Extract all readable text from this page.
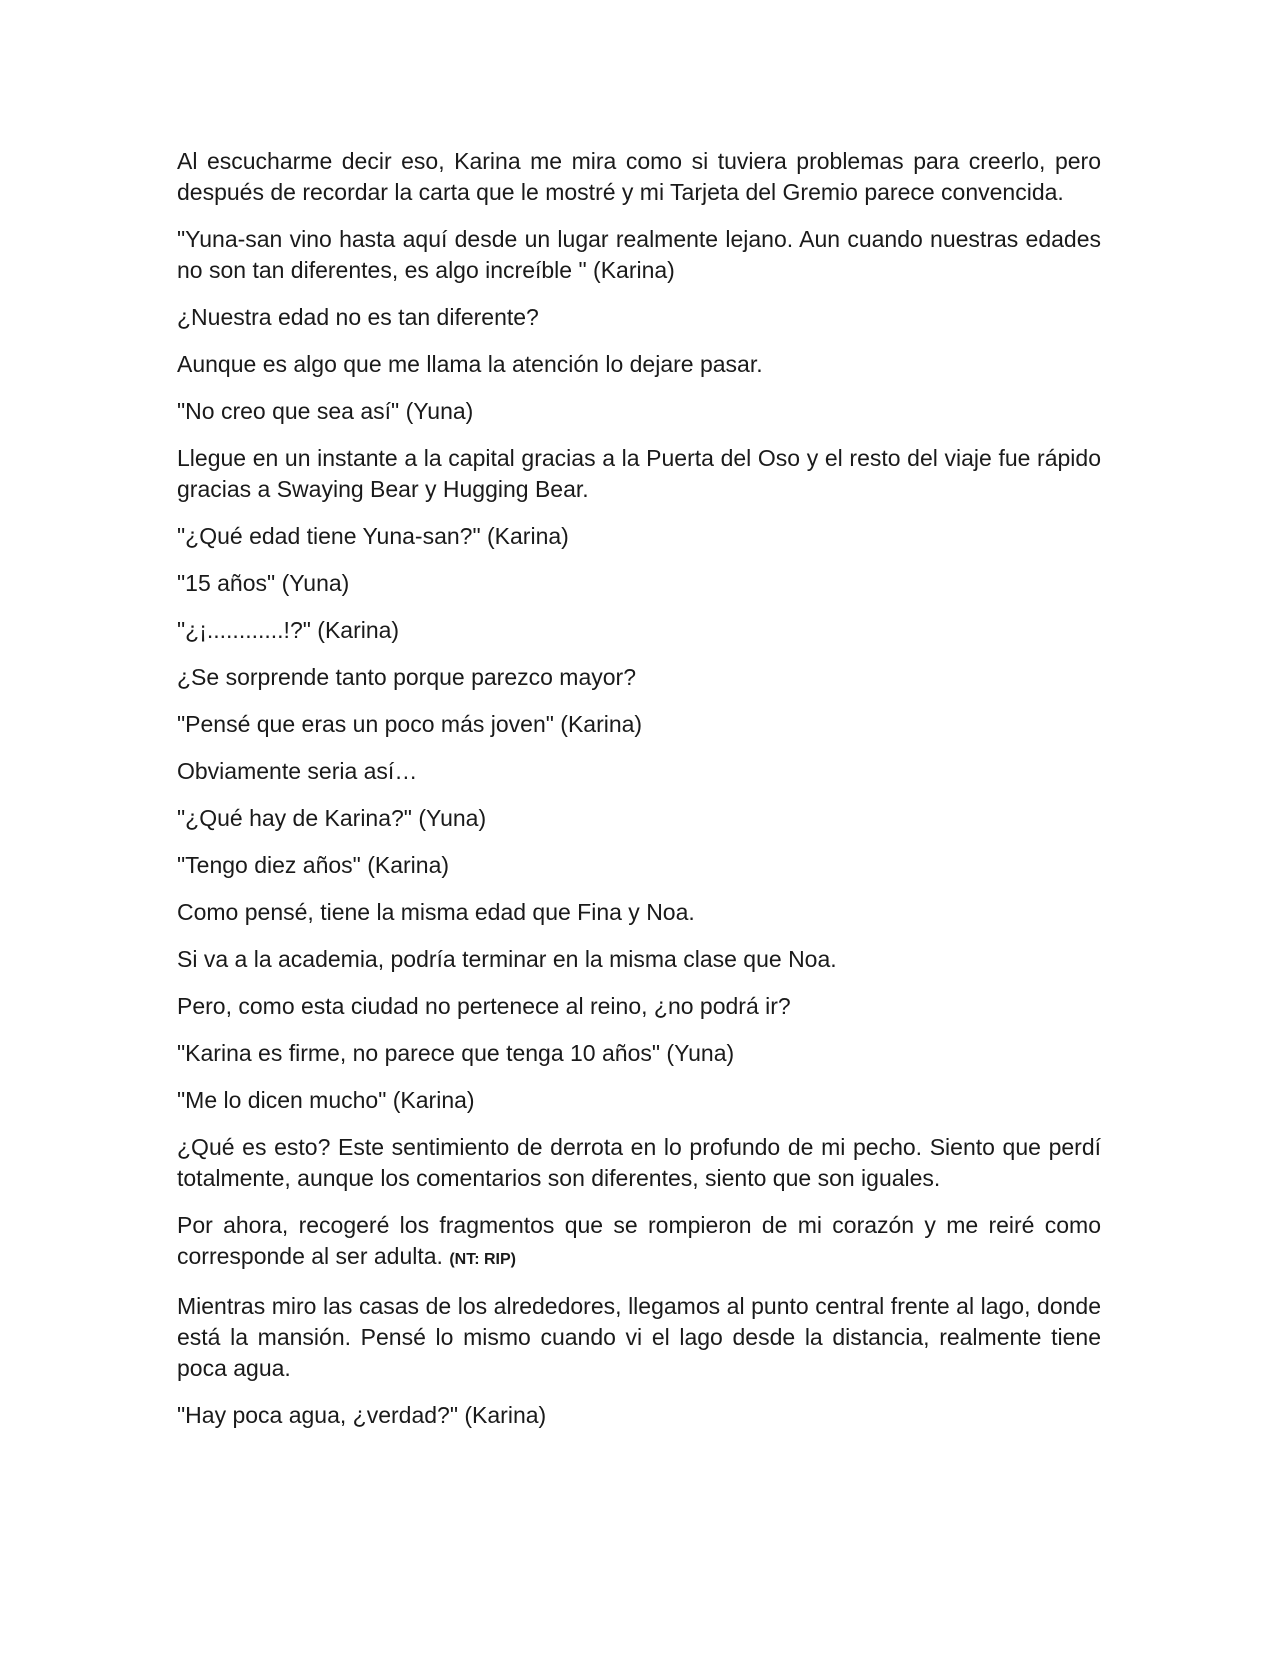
Al escucharme decir eso, Karina me mira como si tuviera problemas para creerlo, pero después de recordar la carta que le mostré y mi Tarjeta del Gremio parece convencida.

"Yuna-san vino hasta aquí desde un lugar realmente lejano. Aun cuando nuestras edades no son tan diferentes, es algo increíble " (Karina)

¿Nuestra edad no es tan diferente?

Aunque es algo que me llama la atención lo dejare pasar.

"No creo que sea así" (Yuna)

Llegue en un instante a la capital gracias a la Puerta del Oso y el resto del viaje fue rápido gracias a Swaying Bear y Hugging Bear.

"¿Qué edad tiene Yuna-san?" (Karina)

"15 años" (Yuna)

"¿¡............!?" (Karina)

¿Se sorprende tanto porque parezco mayor?

"Pensé que eras un poco más joven" (Karina)

Obviamente seria así…

"¿Qué hay de Karina?" (Yuna)

"Tengo diez años" (Karina)

Como pensé, tiene la misma edad que Fina y Noa.

Si va a la academia, podría terminar en la misma clase que Noa.

Pero, como esta ciudad no pertenece al reino, ¿no podrá ir?

"Karina es firme, no parece que tenga 10 años" (Yuna)

"Me lo dicen mucho" (Karina)

¿Qué es esto? Este sentimiento de derrota en lo profundo de mi pecho. Siento que perdí totalmente, aunque los comentarios son diferentes, siento que son iguales.

Por ahora, recogeré los fragmentos que se rompieron de mi corazón y me reiré como corresponde al ser adulta. (NT: RIP)

Mientras miro las casas de los alrededores, llegamos al punto central frente al lago, donde está la mansión. Pensé lo mismo cuando vi el lago desde la distancia, realmente tiene poca agua.

"Hay poca agua, ¿verdad?" (Karina)
